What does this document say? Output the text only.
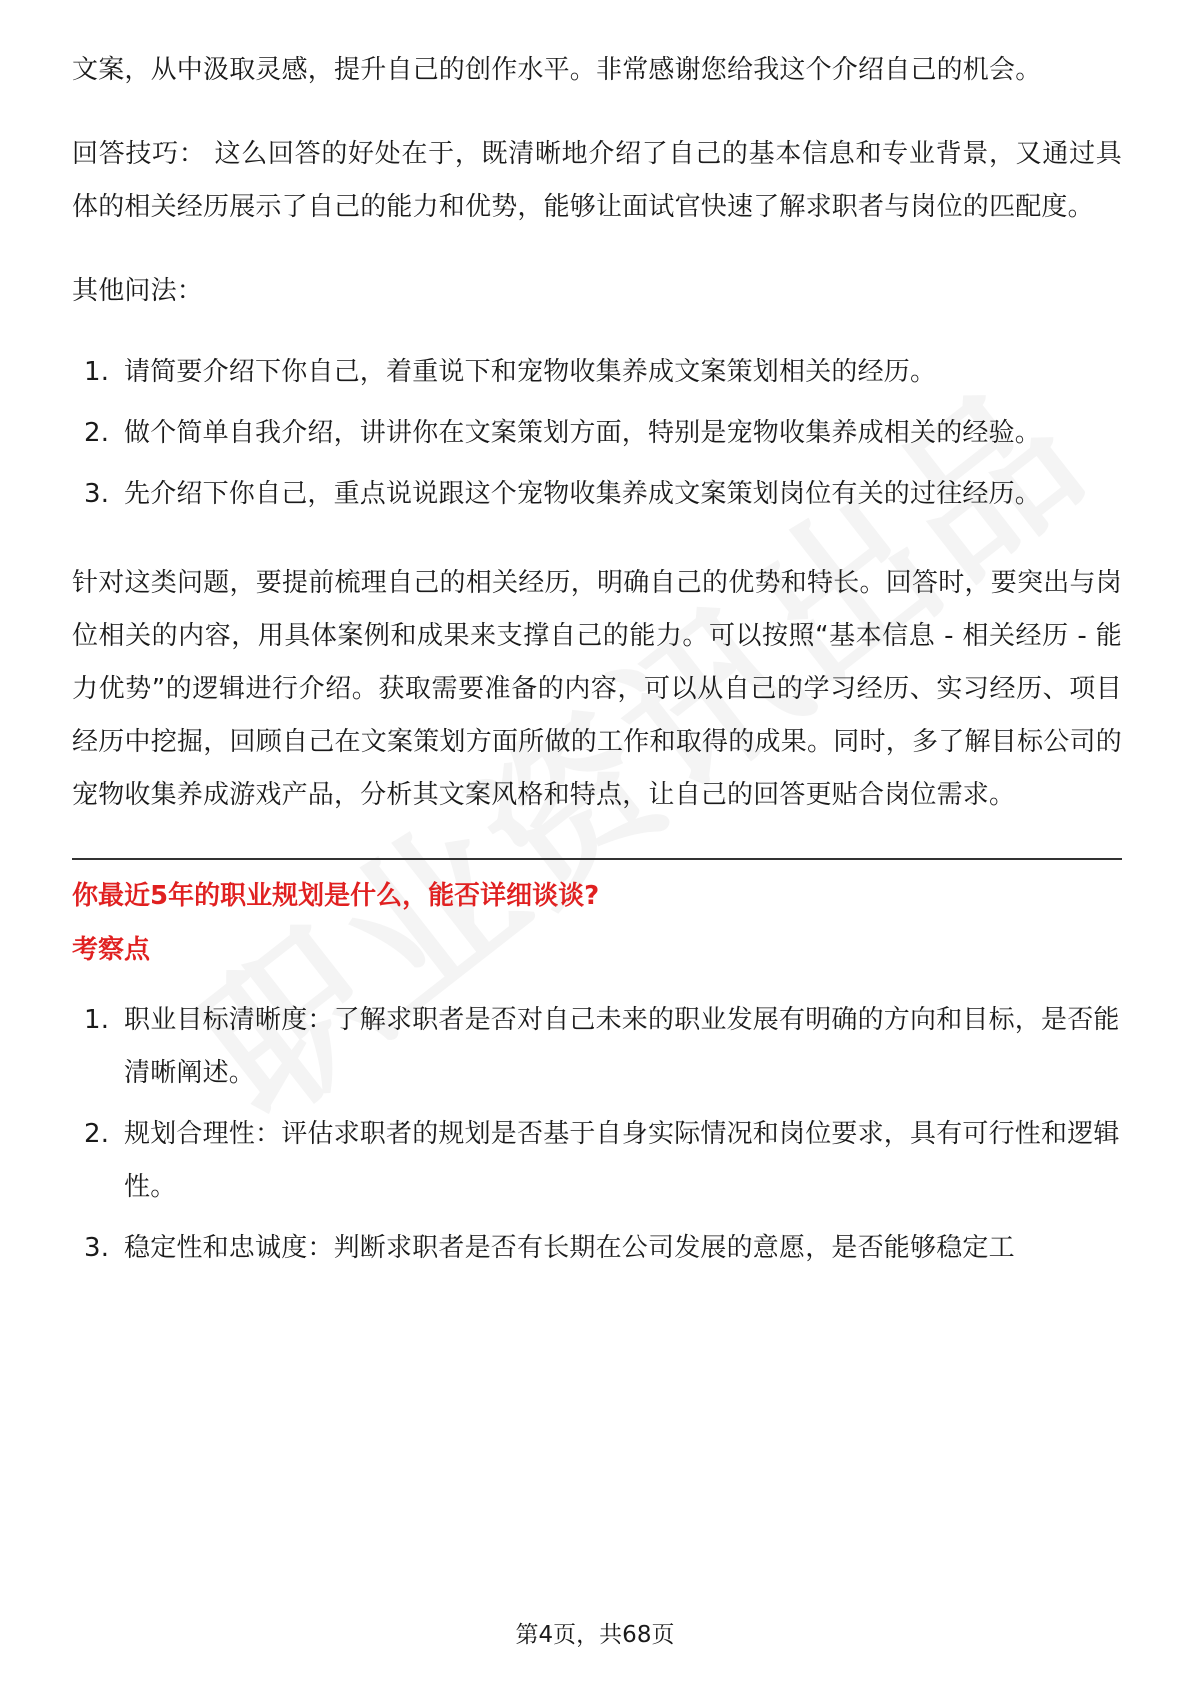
文案，从中汲取灵感，提升自己的创作水平。非常感谢您给我这个介绍自己的机会。

回答技巧： 这么回答的好处在于，既清晰地介绍了自己的基本信息和专业背景，又通过具体的相关经历展示了自己的能力和优势，能够让面试官快速了解求职者与岗位的匹配度。

其他问法：

1. 请简要介绍下你自己，着重说下和宠物收集养成文案策划相关的经历。
2. 做个简单自我介绍，讲讲你在文案策划方面，特别是宠物收集养成相关的经验。
3. 先介绍下你自己，重点说说跟这个宠物收集养成文案策划岗位有关的过往经历。

针对这类问题，要提前梳理自己的相关经历，明确自己的优势和特长。回答时，要突出与岗位相关的内容，用具体案例和成果来支撑自己的能力。可以按照“基本信息 - 相关经历 - 能力优势”的逻辑进行介绍。获取需要准备的内容，可以从自己的学习经历、实习经历、项目经历中挖掘，回顾自己在文案策划方面所做的工作和取得的成果。同时，多了解目标公司的宠物收集养成游戏产品，分析其文案风格和特点，让自己的回答更贴合岗位需求。

你最近5年的职业规划是什么，能否详细谈谈?

考察点

1. 职业目标清晰度：了解求职者是否对自己未来的职业发展有明确的方向和目标，是否能清晰阐述。
2. 规划合理性：评估求职者的规划是否基于自身实际情况和岗位要求，具有可行性和逻辑性。
3. 稳定性和忠诚度：判断求职者是否有长期在公司发展的意愿，是否能够稳定工
第4页，共68页
